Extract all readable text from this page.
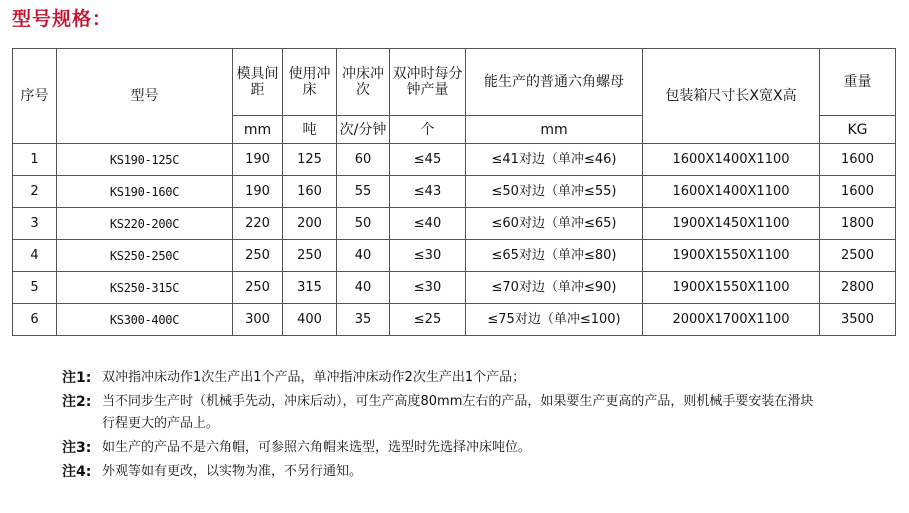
型号规格：
序号	型号	模具间距	使用冲床	冲床冲次	双冲时每分钟产量	能生产的普通六角螺母	包装箱尺寸长X宽X高	重量
		mm	吨	次/分钟	个	mm		KG
1	KS190-125C	190	125	60	≤45	≤41对边（单冲≤46)	1600X1400X1100	1600
2	KS190-160C	190	160	55	≤43	≤50对边（单冲≤55)	1600X1400X1100	1600
3	KS220-200C	220	200	50	≤40	≤60对边（单冲≤65)	1900X1450X1100	1800
4	KS250-250C	250	250	40	≤30	≤65对边（单冲≤80)	1900X1550X1100	2500
5	KS250-315C	250	315	40	≤30	≤70对边（单冲≤90)	1900X1550X1100	2800
6	KS300-400C	300	400	35	≤25	≤75对边（单冲≤100)	2000X1700X1100	3500
注1: 双冲指冲床动作1次生产出1个产品，单冲指冲床动作2次生产出1个产品；
注2: 当不同步生产时（机械手先动，冲床后动），可生产高度80mm左右的产品，如果要生产更高的产品，则机械手要安装在滑块行程更大的产品上。
注3: 如生产的产品不是六角帽，可参照六角帽来选型，选型时先选择冲床吨位。
注4: 外观等如有更改，以实物为准，不另行通知。
